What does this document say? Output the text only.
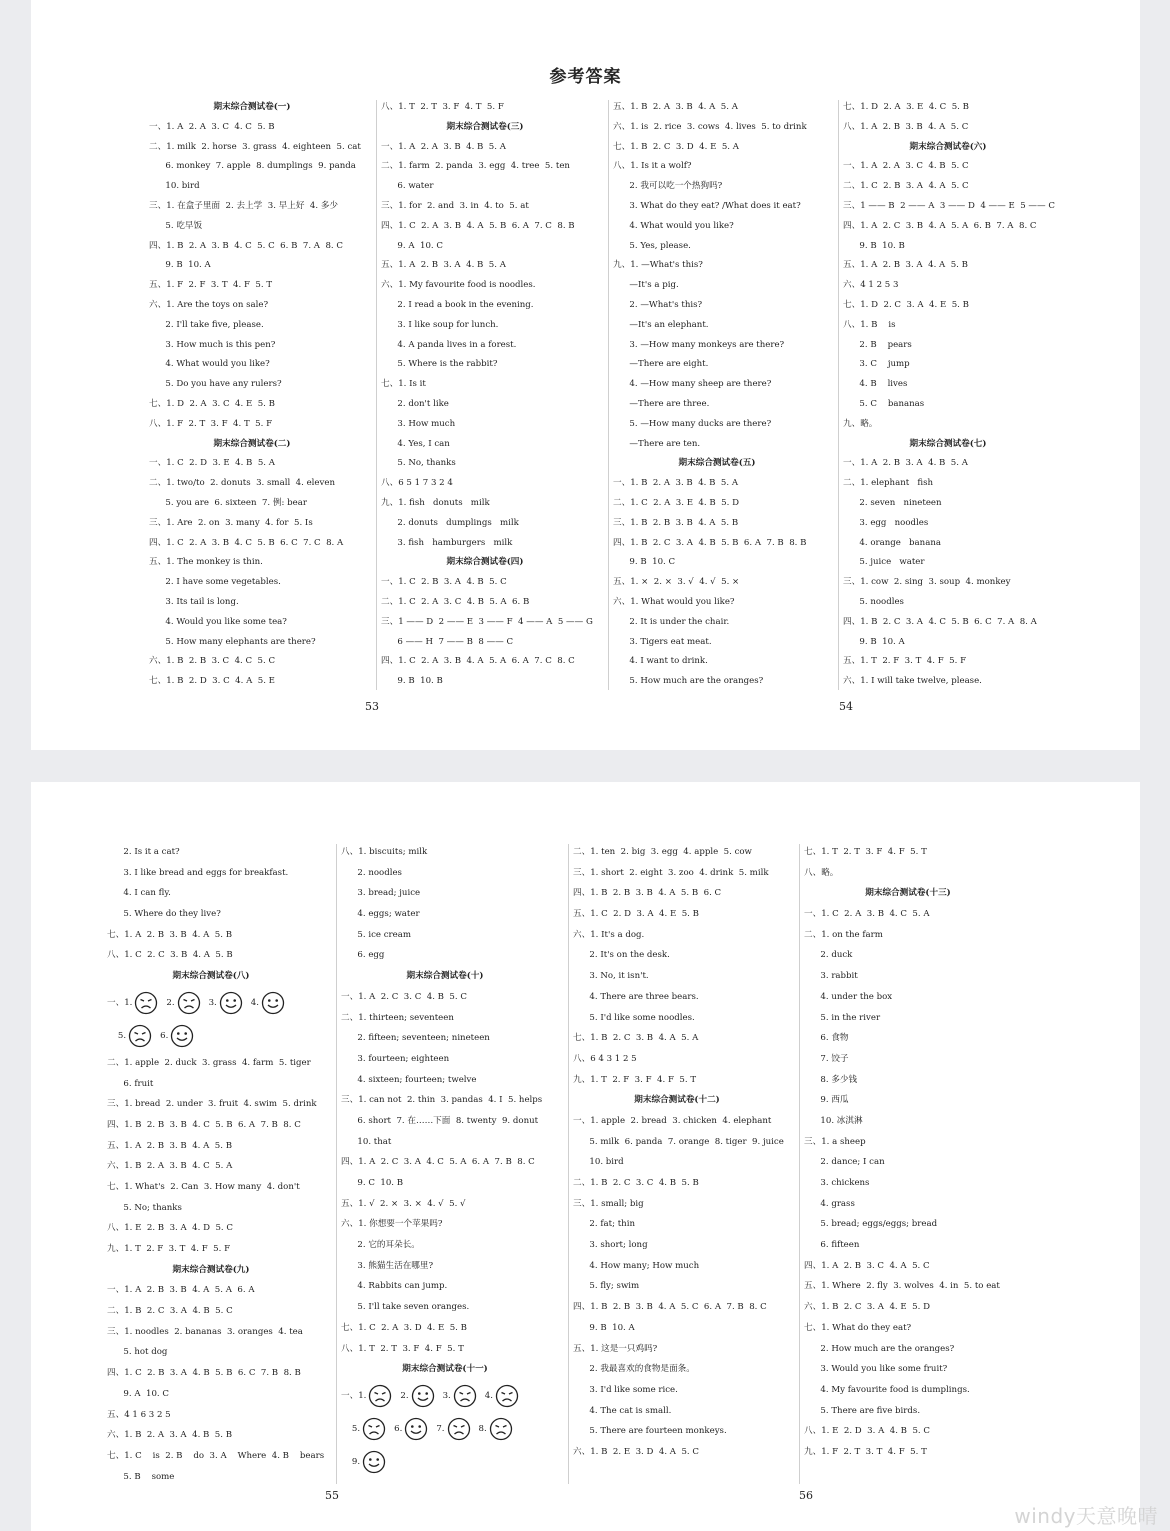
参考答案
期末综合测试卷(一)
一、1. A  2. A  3. C  4. C  5. B
二、1. milk  2. horse  3. grass  4. eighteen  5. cat
6. monkey  7. apple  8. dumplings  9. panda
10. bird
三、1. 在盒子里面  2. 去上学  3. 早上好  4. 多少
5. 吃早饭
四、1. B  2. A  3. B  4. C  5. C  6. B  7. A  8. C
9. B  10. A
五、1. F  2. F  3. T  4. F  5. T
六、1. Are the toys on sale?
2. I'll take five, please.
3. How much is this pen?
4. What would you like?
5. Do you have any rulers?
七、1. D  2. A  3. C  4. E  5. B
八、1. F  2. T  3. F  4. T  5. F
期末综合测试卷(二)
一、1. C  2. D  3. E  4. B  5. A
二、1. two/to  2. donuts  3. small  4. eleven
5. you are  6. sixteen  7. 例: bear
三、1. Are  2. on  3. many  4. for  5. Is
四、1. C  2. A  3. B  4. C  5. B  6. C  7. C  8. A
五、1. The monkey is thin.
2. I have some vegetables.
3. Its tail is long.
4. Would you like some tea?
5. How many elephants are there?
六、1. B  2. B  3. C  4. C  5. C
七、1. B  2. D  3. C  4. A  5. E
八、1. T  2. T  3. F  4. T  5. F
期末综合测试卷(三)
一、1. A  2. A  3. B  4. B  5. A
二、1. farm  2. panda  3. egg  4. tree  5. ten
6. water
三、1. for  2. and  3. in  4. to  5. at
四、1. C  2. A  3. B  4. A  5. B  6. A  7. C  8. B
9. A  10. C
五、1. A  2. B  3. A  4. B  5. A
六、1. My favourite food is noodles.
2. I read a book in the evening.
3. I like soup for lunch.
4. A panda lives in a forest.
5. Where is the rabbit?
七、1. Is it
2. don't like
3. How much
4. Yes, I can
5. No, thanks
八、6 5 1 7 3 2 4
九、1. fish   donuts   milk
2. donuts   dumplings   milk
3. fish   hamburgers   milk
期末综合测试卷(四)
一、1. C  2. B  3. A  4. B  5. C
二、1. C  2. A  3. C  4. B  5. A  6. B
三、1 —— D  2 —— E  3 —— F  4 —— A  5 —— G
6 —— H  7 —— B  8 —— C
四、1. C  2. A  3. B  4. A  5. A  6. A  7. C  8. C
9. B  10. B
五、1. B  2. A  3. B  4. A  5. A
六、1. is  2. rice  3. cows  4. lives  5. to drink
七、1. B  2. C  3. D  4. E  5. A
八、1. Is it a wolf?
2. 我可以吃一个热狗吗?
3. What do they eat? /What does it eat?
4. What would you like?
5. Yes, please.
九、1. —What's this?
—It's a pig.
2. —What's this?
—It's an elephant.
3. —How many monkeys are there?
—There are eight.
4. —How many sheep are there?
—There are three.
5. —How many ducks are there?
—There are ten.
期末综合测试卷(五)
一、1. B  2. A  3. B  4. B  5. A
二、1. C  2. A  3. E  4. B  5. D
三、1. B  2. B  3. B  4. A  5. B
四、1. B  2. C  3. A  4. B  5. B  6. A  7. B  8. B
9. B  10. C
五、1. ×  2. ×  3. √  4. √  5. ×
六、1. What would you like?
2. It is under the chair.
3. Tigers eat meat.
4. I want to drink.
5. How much are the oranges?
七、1. D  2. A  3. E  4. C  5. B
八、1. A  2. B  3. B  4. A  5. C
期末综合测试卷(六)
一、1. A  2. A  3. C  4. B  5. C
二、1. C  2. B  3. A  4. A  5. C
三、1 —— B  2 —— A  3 —— D  4 —— E  5 —— C
四、1. A  2. C  3. B  4. A  5. A  6. B  7. A  8. C
9. B  10. B
五、1. A  2. B  3. A  4. A  5. B
六、4 1 2 5 3
七、1. D  2. C  3. A  4. E  5. B
八、1. B    is
2. B    pears
3. C    jump
4. B    lives
5. C    bananas
九、略。
期末综合测试卷(七)
一、1. A  2. B  3. A  4. B  5. A
二、1. elephant   fish
2. seven   nineteen
3. egg   noodles
4. orange   banana
5. juice   water
三、1. cow  2. sing  3. soup  4. monkey
5. noodles
四、1. B  2. C  3. A  4. C  5. B  6. C  7. A  8. A
9. B  10. A
五、1. T  2. F  3. T  4. F  5. F
六、1. I will take twelve, please.
53	54
2. Is it a cat?
3. I like bread and eggs for breakfast.
4. I can fly.
5. Where do they live?
七、1. A  2. B  3. B  4. A  5. B
八、1. C  2. C  3. B  4. A  5. B
期末综合测试卷(八)
一、1.	2.	3.	4.
5.	6.
二、1. apple  2. duck  3. grass  4. farm  5. tiger
6. fruit
三、1. bread  2. under  3. fruit  4. swim  5. drink
四、1. B  2. B  3. B  4. C  5. B  6. A  7. B  8. C
五、1. A  2. B  3. B  4. A  5. B
六、1. B  2. A  3. B  4. C  5. A
七、1. What's  2. Can  3. How many  4. don't
5. No; thanks
八、1. E  2. B  3. A  4. D  5. C
九、1. T  2. F  3. T  4. F  5. F
期末综合测试卷(九)
一、1. A  2. B  3. B  4. A  5. A  6. A
二、1. B  2. C  3. A  4. B  5. C
三、1. noodles  2. bananas  3. oranges  4. tea
5. hot dog
四、1. C  2. B  3. A  4. B  5. B  6. C  7. B  8. B
9. A  10. C
五、4 1 6 3 2 5
六、1. B  2. A  3. A  4. B  5. B
七、1. C    is  2. B    do  3. A    Where  4. B    bears
5. B    some
八、1. biscuits; milk
2. noodles
3. bread; juice
4. eggs; water
5. ice cream
6. egg
期末综合测试卷(十)
一、1. A  2. C  3. C  4. B  5. C
二、1. thirteen; seventeen
2. fifteen; seventeen; nineteen
3. fourteen; eighteen
4. sixteen; fourteen; twelve
三、1. can not  2. thin  3. pandas  4. I  5. helps
6. short  7. 在……下面  8. twenty  9. donut
10. that
四、1. A  2. C  3. A  4. C  5. A  6. A  7. B  8. C
9. C  10. B
五、1. √  2. ×  3. ×  4. √  5. √
六、1. 你想要一个苹果吗?
2. 它的耳朵长。
3. 熊猫生活在哪里?
4. Rabbits can jump.
5. I'll take seven oranges.
七、1. C  2. A  3. D  4. E  5. B
八、1. T  2. T  3. F  4. F  5. T
期末综合测试卷(十一)
一、1.	2.	3.	4.
5.	6.	7.	8.
9.
二、1. ten  2. big  3. egg  4. apple  5. cow
三、1. short  2. eight  3. zoo  4. drink  5. milk
四、1. B  2. B  3. B  4. A  5. B  6. C
五、1. C  2. D  3. A  4. E  5. B
六、1. It's a dog.
2. It's on the desk.
3. No, it isn't.
4. There are three bears.
5. I'd like some noodles.
七、1. B  2. C  3. B  4. A  5. A
八、6 4 3 1 2 5
九、1. T  2. F  3. F  4. F  5. T
期末综合测试卷(十二)
一、1. apple  2. bread  3. chicken  4. elephant
5. milk  6. panda  7. orange  8. tiger  9. juice
10. bird
二、1. B  2. C  3. C  4. B  5. B
三、1. small; big
2. fat; thin
3. short; long
4. How many; How much
5. fly; swim
四、1. B  2. B  3. B  4. A  5. C  6. A  7. B  8. C
9. B  10. A
五、1. 这是一只鸡吗?
2. 我最喜欢的食物是面条。
3. I'd like some rice.
4. The cat is small.
5. There are fourteen monkeys.
六、1. B  2. E  3. D  4. A  5. C
七、1. T  2. T  3. F  4. F  5. T
八、略。
期末综合测试卷(十三)
一、1. C  2. A  3. B  4. C  5. A
二、1. on the farm
2. duck
3. rabbit
4. under the box
5. in the river
6. 食物
7. 饺子
8. 多少钱
9. 西瓜
10. 冰淇淋
三、1. a sheep
2. dance; I can
3. chickens
4. grass
5. bread; eggs/eggs; bread
6. fifteen
四、1. A  2. B  3. C  4. A  5. C
五、1. Where  2. fly  3. wolves  4. in  5. to eat
六、1. B  2. C  3. A  4. E  5. D
七、1. What do they eat?
2. How much are the oranges?
3. Would you like some fruit?
4. My favourite food is dumplings.
5. There are five birds.
八、1. E  2. D  3. A  4. B  5. C
九、1. F  2. T  3. T  4. F  5. T
55	56
windy天意晚晴
